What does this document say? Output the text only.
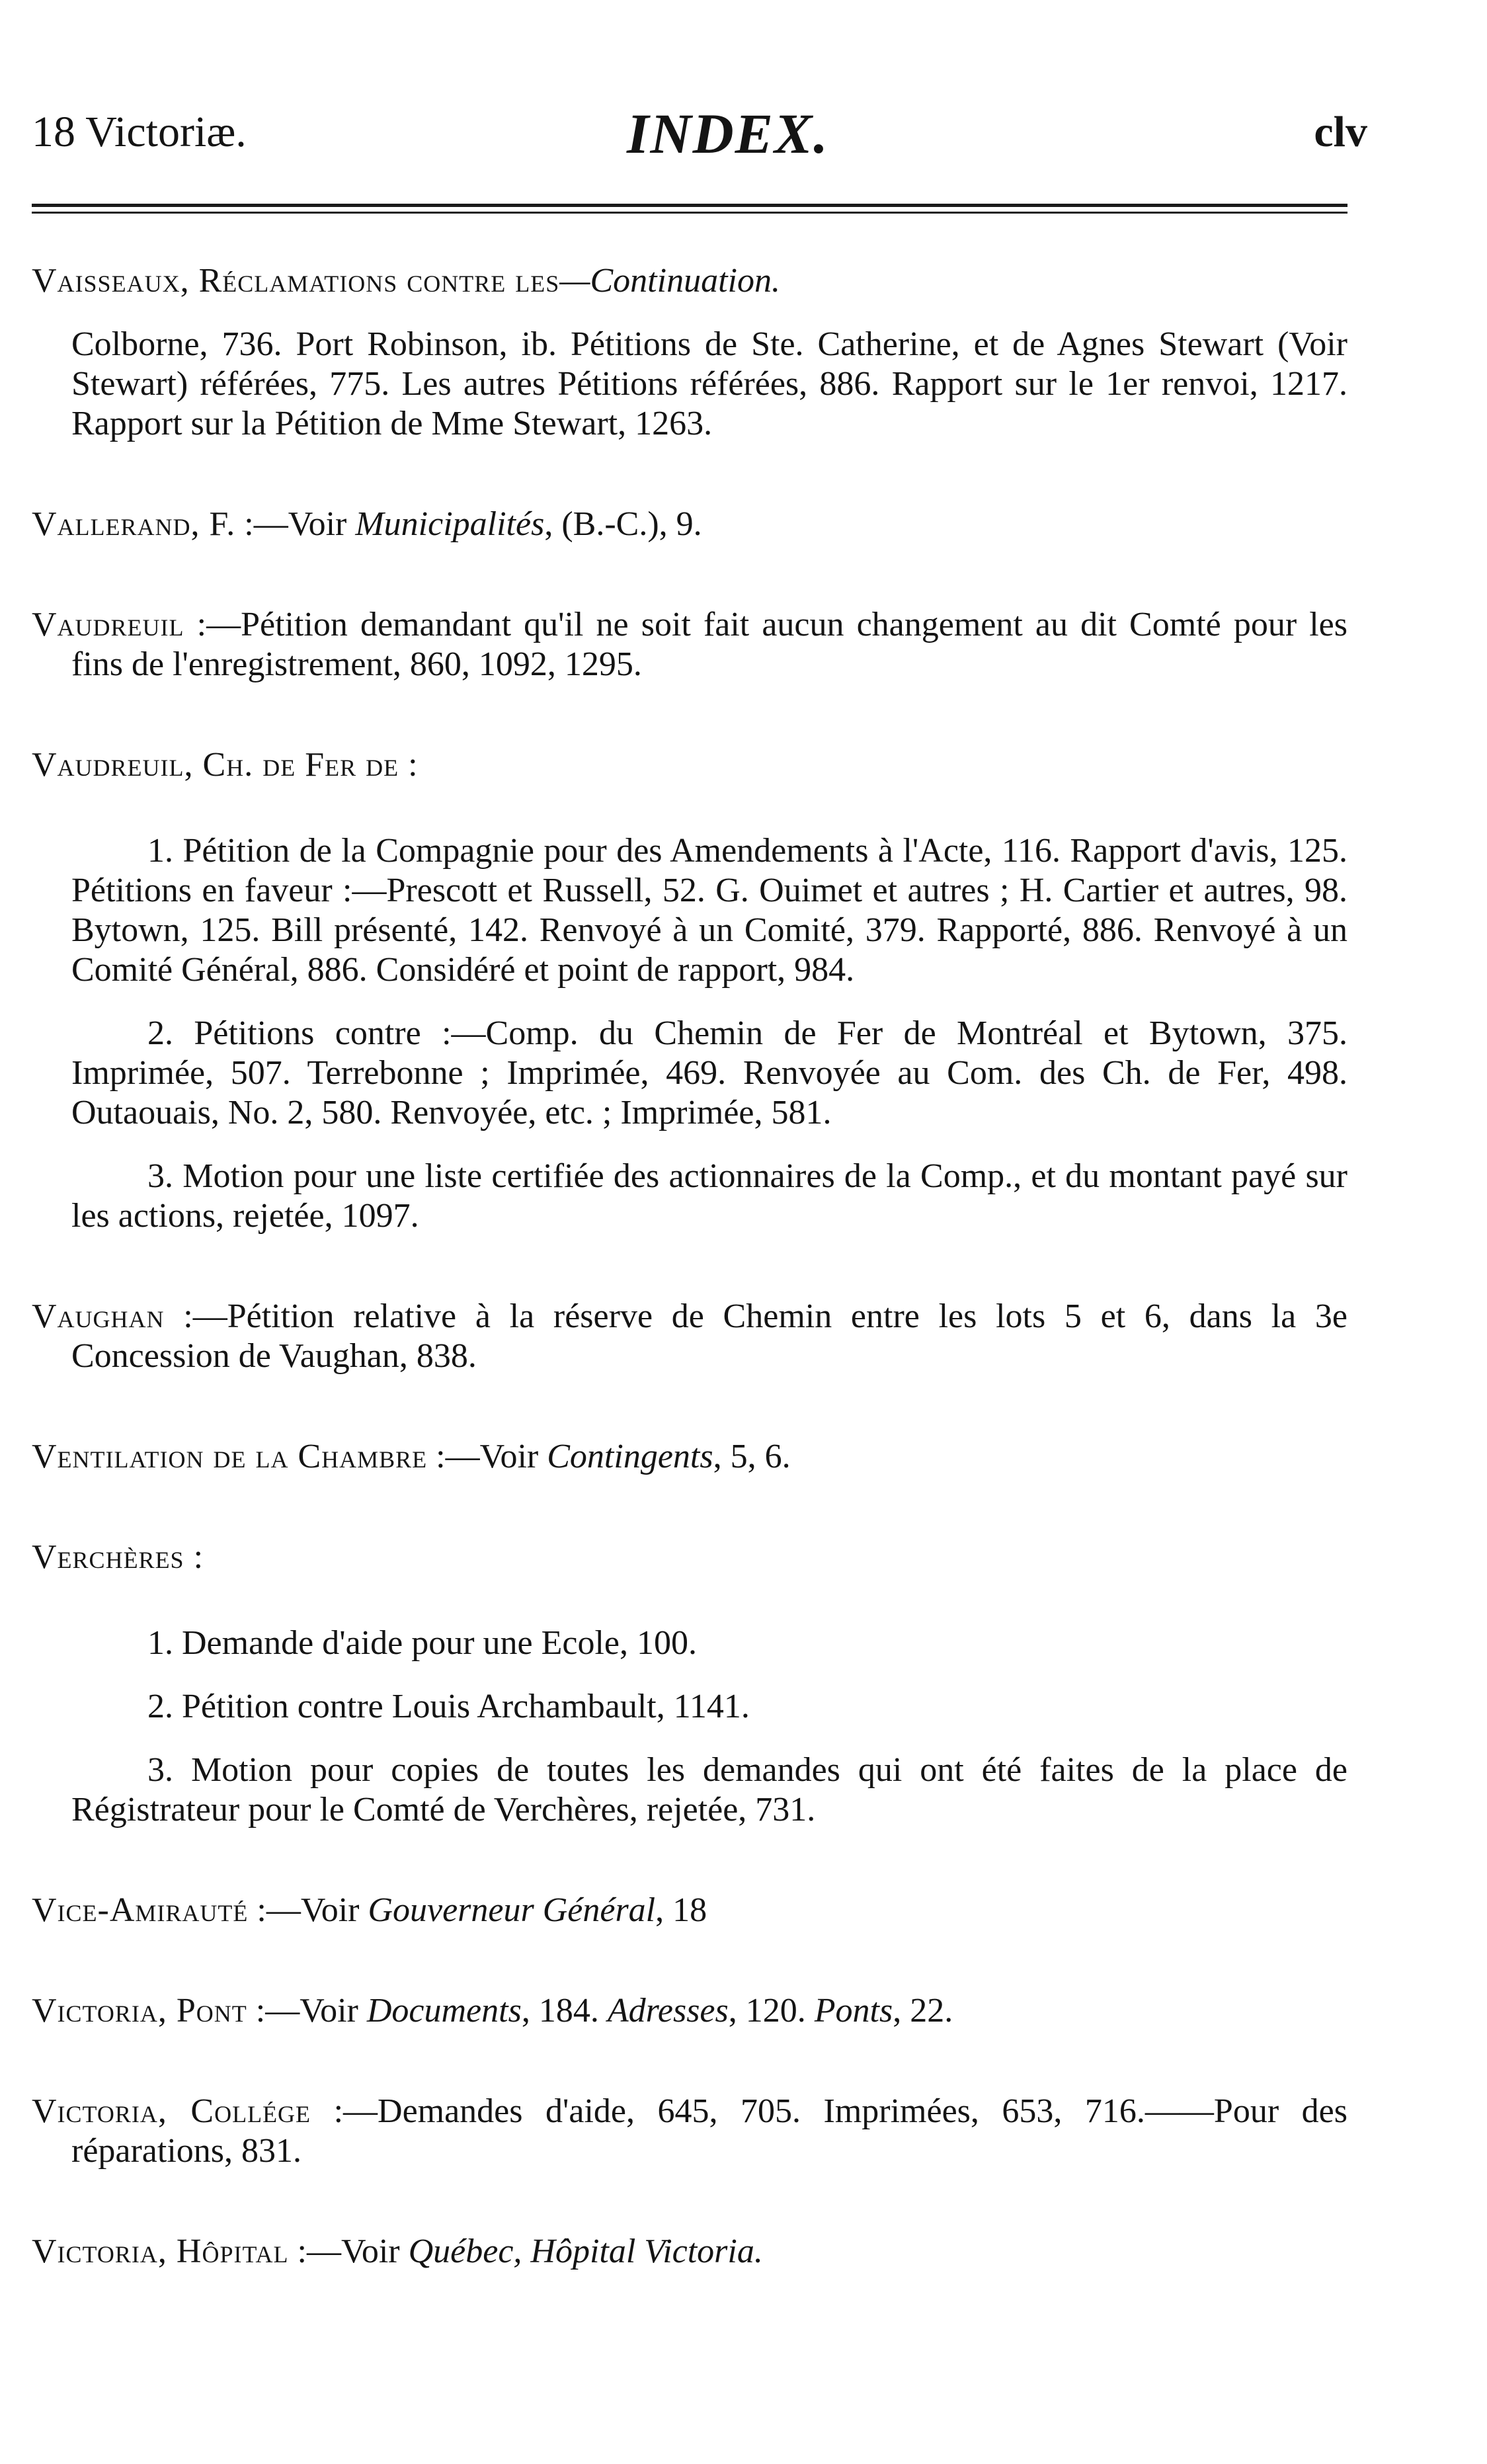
18 Victoriæ.	INDEX.	clv

Vaisseaux, Réclamations contre les—Continuation.

Colborne, 736. Port Robinson, ib. Pétitions de Ste. Catherine, et de Agnes Stewart (Voir Stewart) référées, 775. Les autres Pétitions référées, 886. Rapport sur le 1er renvoi, 1217. Rapport sur la Pétition de Mme Stewart, 1263.

Vallerand, F. :—Voir Municipalités, (B.-C.), 9.

Vaudreuil :—Pétition demandant qu'il ne soit fait aucun changement au dit Comté pour les fins de l'enregistrement, 860, 1092, 1295.

Vaudreuil, Ch. de Fer de :

1. Pétition de la Compagnie pour des Amendements à l'Acte, 116. Rapport d'avis, 125. Pétitions en faveur :—Prescott et Russell, 52. G. Ouimet et autres ; H. Cartier et autres, 98. Bytown, 125. Bill présenté, 142. Renvoyé à un Comité, 379. Rapporté, 886. Renvoyé à un Comité Général, 886. Considéré et point de rapport, 984.

2. Pétitions contre :—Comp. du Chemin de Fer de Montréal et Bytown, 375. Imprimée, 507. Terrebonne ; Imprimée, 469. Renvoyée au Com. des Ch. de Fer, 498. Outaouais, No. 2, 580. Renvoyée, etc. ; Imprimée, 581.

3. Motion pour une liste certifiée des actionnaires de la Comp., et du montant payé sur les actions, rejetée, 1097.

Vaughan :—Pétition relative à la réserve de Chemin entre les lots 5 et 6, dans la 3e Concession de Vaughan, 838.

Ventilation de la Chambre :—Voir Contingents, 5, 6.

Verchères :

1. Demande d'aide pour une Ecole, 100.

2. Pétition contre Louis Archambault, 1141.

3. Motion pour copies de toutes les demandes qui ont été faites de la place de Régistrateur pour le Comté de Verchères, rejetée, 731.

Vice-Amirauté :—Voir Gouverneur Général, 18

Victoria, Pont :—Voir Documents, 184. Adresses, 120. Ponts, 22.

Victoria, Collége :—Demandes d'aide, 645, 705. Imprimées, 653, 716.——Pour des réparations, 831.

Victoria, Hôpital :—Voir Québec, Hôpital Victoria.
